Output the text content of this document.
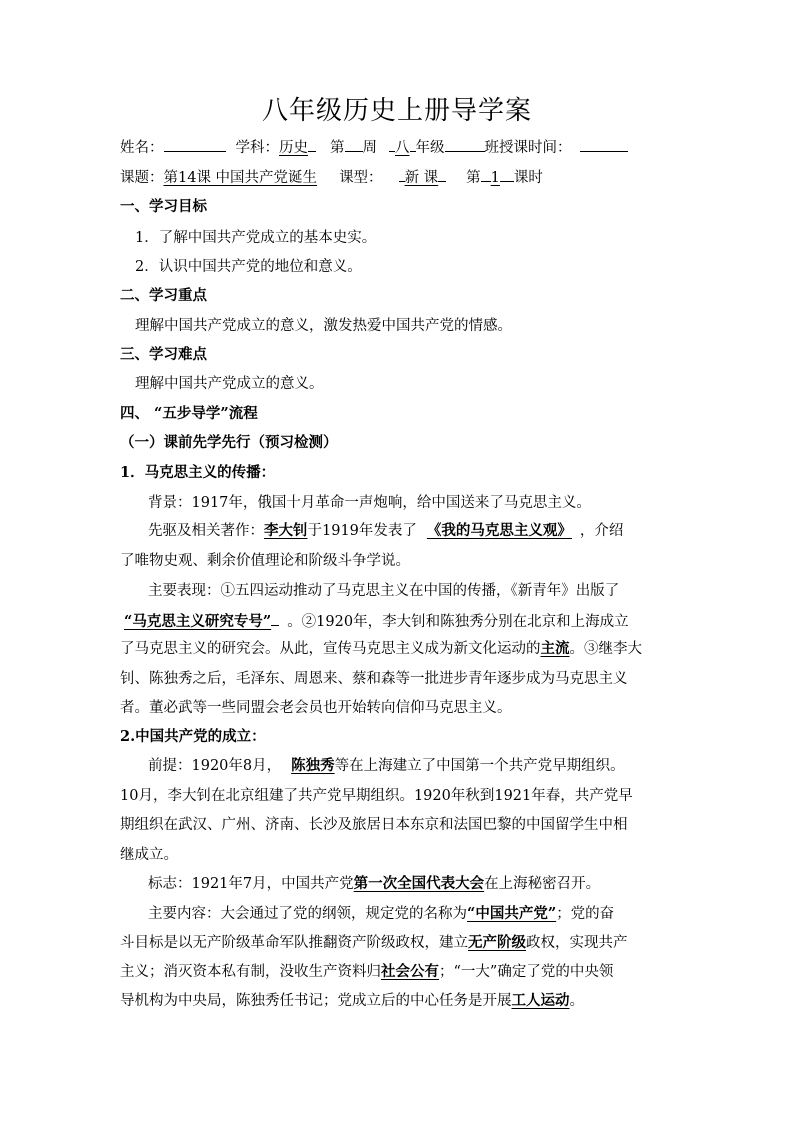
八年级历史上册导学案
姓名：	学科：历史 第 周 八 年级	班授课时间：
课题：第14课 中国共产党诞生 课型： 新 课 第 1 课时
一、学习目标
1．了解中国共产党成立的基本史实。
2．认识中国共产党的地位和意义。
二、学习重点
理解中国共产党成立的意义，激发热爱中国共产党的情感。
三、学习难点
理解中国共产党成立的意义。
四、 “五步导学”流程
（一）课前先学先行（预习检测）
1．马克思主义的传播：
背景：1917年，俄国十月革命一声炮响，给中国送来了马克思主义。
先驱及相关著作：李大钊于1919年发表了 《我的马克思主义观》 ，介绍
了唯物史观、剩余价值理论和阶级斗争学说。
主要表现：①五四运动推动了马克思主义在中国的传播，《新青年》出版了
“马克思主义研究专号” 。②1920年，李大钊和陈独秀分别在北京和上海成立
了马克思主义的研究会。从此，宣传马克思主义成为新文化运动的主流。③继李大
钊、陈独秀之后，毛泽东、周恩来、蔡和森等一批进步青年逐步成为马克思主义
者。董必武等一些同盟会老会员也开始转向信仰马克思主义。
2.中国共产党的成立：
前提：1920年8月， 陈独秀等在上海建立了中国第一个共产党早期组织。
10月，李大钊在北京组建了共产党早期组织。1920年秋到1921年春，共产党早
期组织在武汉、广州、济南、长沙及旅居日本东京和法国巴黎的中国留学生中相
继成立。
标志：1921年7月，中国共产党第一次全国代表大会在上海秘密召开。
主要内容：大会通过了党的纲领，规定党的名称为“中国共产党”；党的奋
斗目标是以无产阶级革命军队推翻资产阶级政权，建立无产阶级政权，实现共产
主义；消灭资本私有制，没收生产资料归社会公有；“一大”确定了党的中央领
导机构为中央局，陈独秀任书记；党成立后的中心任务是开展工人运动。
